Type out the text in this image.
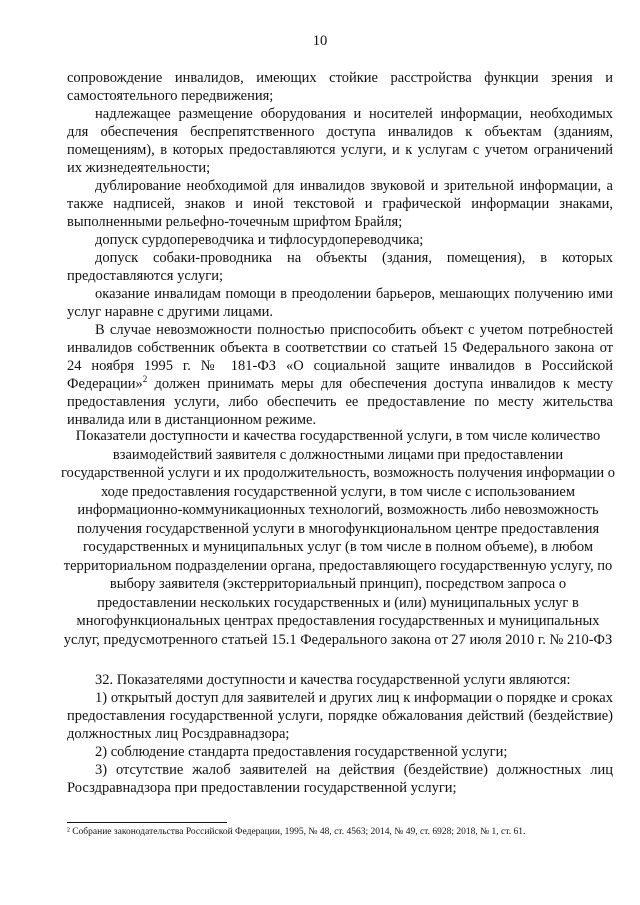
10

сопровождение инвалидов, имеющих стойкие расстройства функции зрения и самостоятельного передвижения;

надлежащее размещение оборудования и носителей информации, необходимых для обеспечения беспрепятственного доступа инвалидов к объектам (зданиям, помещениям), в которых предоставляются услуги, и к услугам с учетом ограничений их жизнедеятельности;

дублирование необходимой для инвалидов звуковой и зрительной информации, а также надписей, знаков и иной текстовой и графической информации знаками, выполненными рельефно-точечным шрифтом Брайля;

допуск сурдопереводчика и тифлосурдопереводчика;

допуск собаки-проводника на объекты (здания, помещения), в которых предоставляются услуги;

оказание инвалидам помощи в преодолении барьеров, мешающих получению ими услуг наравне с другими лицами.

В случае невозможности полностью приспособить объект с учетом потребностей инвалидов собственник объекта в соответствии со статьей 15 Федерального закона от 24 ноября 1995 г. № 181-ФЗ «О социальной защите инвалидов в Российской Федерации»$^2$ должен принимать меры для обеспечения доступа инвалидов к месту предоставления услуги, либо обеспечить ее предоставление по месту жительства инвалида или в дистанционном режиме.

Показатели доступности и качества государственной услуги, в том числе количество взаимодействий заявителя с должностными лицами при предоставлении государственной услуги и их продолжительность, возможность получения информации о ходе предоставления государственной услуги, в том числе с использованием информационно-коммуникационных технологий, возможность либо невозможность получения государственной услуги в многофункциональном центре предоставления государственных и муниципальных услуг (в том числе в полном объеме), в любом территориальном подразделении органа, предоставляющего государственную услугу, по выбору заявителя (экстерриториальный принцип), посредством запроса о предоставлении нескольких государственных и (или) муниципальных услуг в многофункциональных центрах предоставления государственных и муниципальных услуг, предусмотренного статьей 15.1 Федерального закона от 27 июля 2010 г. № 210-ФЗ

32. Показателями доступности и качества государственной услуги являются:

1) открытый доступ для заявителей и других лиц к информации о порядке и сроках предоставления государственной услуги, порядке обжалования действий (бездействие) должностных лиц Росздравнадзора;

2) соблюдение стандарта предоставления государственной услуги;

3) отсутствие жалоб заявителей на действия (бездействие) должностных лиц Росздравнадзора при предоставлении государственной услуги;

² Собрание законодательства Российской Федерации, 1995, № 48, ст. 4563; 2014, № 49, ст. 6928; 2018, № 1, ст. 61.
